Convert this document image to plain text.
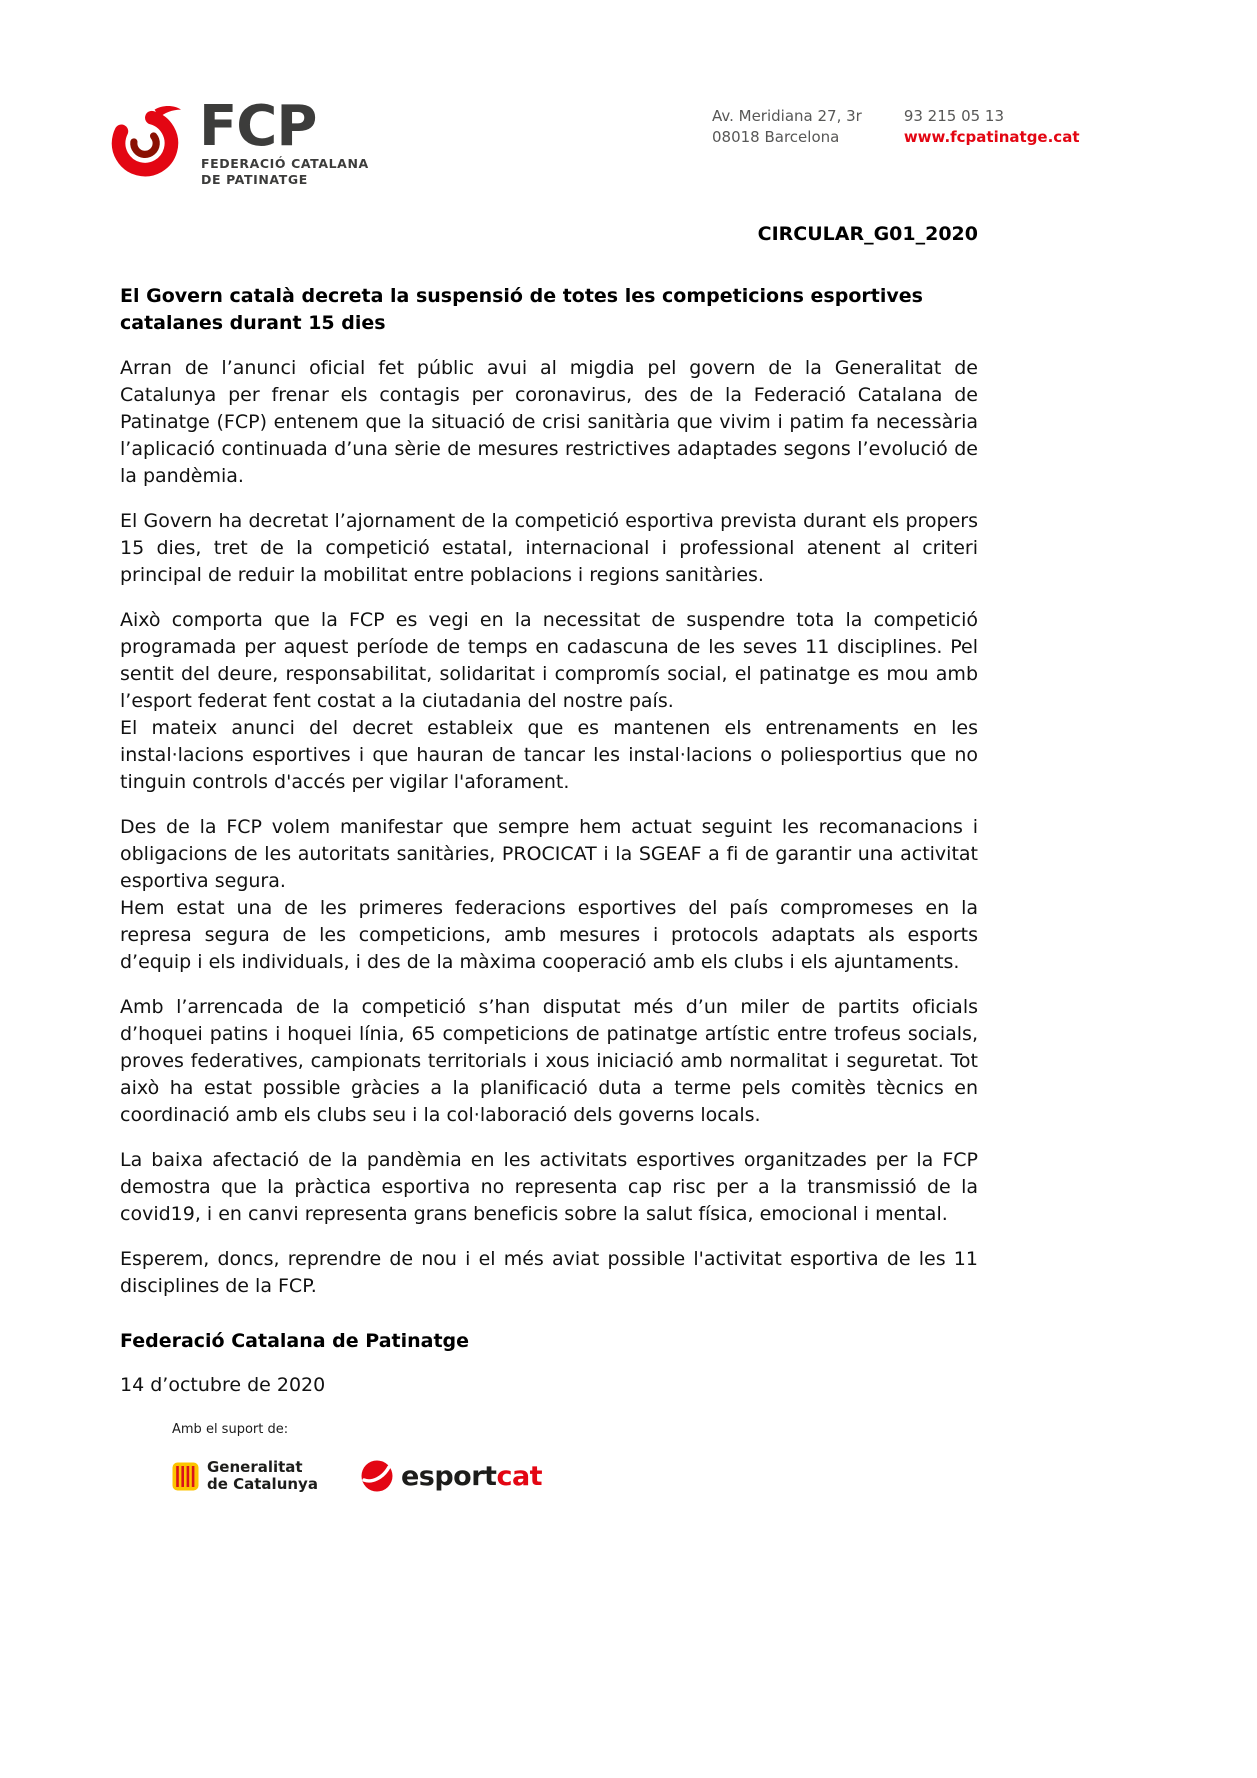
FCP
FEDERACIÓ CATALANA
DE PATINATGE
Av. Meridiana 27, 3r
08018 Barcelona
93 215 05 13
www.fcpatinatge.cat
CIRCULAR_G01_2020
El Govern català decreta la suspensió de totes les competicions esportives catalanes durant 15 dies

Arran de l’anunci oficial fet públic avui al migdia pel govern de la Generalitat de Catalunya per frenar els contagis per coronavirus, des de la Federació Catalana de Patinatge (FCP) entenem que la situació de crisi sanitària que vivim i patim fa necessària l’aplicació continuada d’una sèrie de mesures restrictives adaptades segons l’evolució de la pandèmia.

El Govern ha decretat l’ajornament de la competició esportiva prevista durant els propers 15 dies, tret de la competició estatal, internacional i professional atenent al criteri principal de reduir la mobilitat entre poblacions i regions sanitàries.

Això comporta que la FCP es vegi en la necessitat de suspendre tota la competició programada per aquest període de temps en cadascuna de les seves 11 disciplines. Pel sentit del deure, responsabilitat, solidaritat i compromís social, el patinatge es mou amb l’esport federat fent costat a la ciutadania del nostre país.

El mateix anunci del decret estableix que es mantenen els entrenaments en les instal·lacions esportives i que hauran de tancar les instal·lacions o poliesportius que no tinguin controls d'accés per vigilar l'aforament.

Des de la FCP volem manifestar que sempre hem actuat seguint les recomanacions i obligacions de les autoritats sanitàries, PROCICAT i la SGEAF a fi de garantir una activitat esportiva segura.

Hem estat una de les primeres federacions esportives del país compromeses en la represa segura de les competicions, amb mesures i protocols adaptats als esports d’equip i els individuals, i des de la màxima cooperació amb els clubs i els ajuntaments.

Amb l’arrencada de la competició s’han disputat més d’un miler de partits oficials d’hoquei patins i hoquei línia, 65 competicions de patinatge artístic entre trofeus socials, proves federatives, campionats territorials i xous iniciació amb normalitat i seguretat. Tot això ha estat possible gràcies a la planificació duta a terme pels comitès tècnics en coordinació amb els clubs seu i la col·laboració dels governs locals.

La baixa afectació de la pandèmia en les activitats esportives organitzades per la FCP demostra que la pràctica esportiva no representa cap risc per a la transmissió de la covid19, i en canvi representa grans beneficis sobre la salut física, emocional i mental.

Esperem, doncs, reprendre de nou i el més aviat possible l'activitat esportiva de les 11 disciplines de la FCP.

Federació Catalana de Patinatge

14 d’octubre de 2020

Amb el suport de:
Generalitat
de Catalunya	esportcat
